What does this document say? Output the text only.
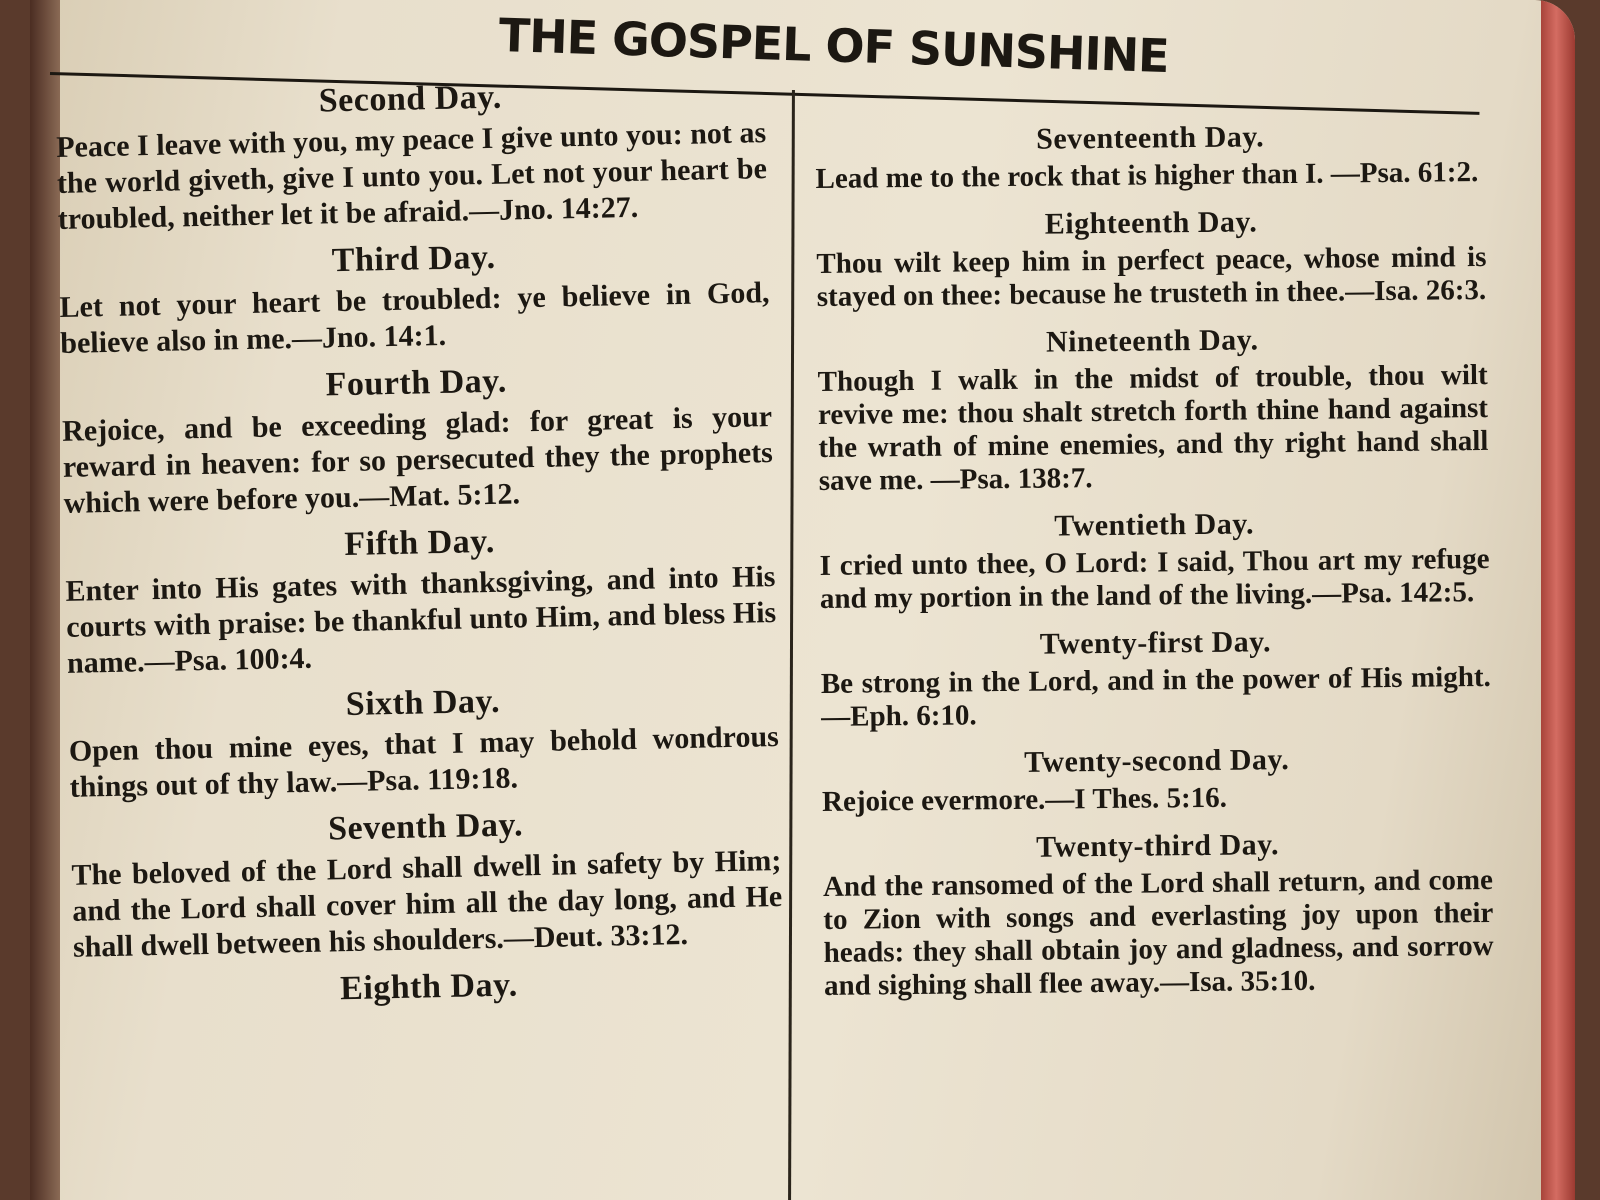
THE GOSPEL OF SUNSHINE
Second Day.

Peace I leave with you, my peace I give unto you: not as the world giveth, give I unto you. Let not your heart be troubled, neither let it be afraid.—Jno. 14:27.

Third Day.

Let not your heart be troubled: ye believe in God, believe also in me.—Jno. 14:1.

Fourth Day.

Rejoice, and be exceeding glad: for great is your reward in heaven: for so persecuted they the prophets which were before you.—Mat. 5:12.

Fifth Day.

Enter into His gates with thanksgiving, and into His courts with praise: be thankful unto Him, and bless His name.—Psa. 100:4.

Sixth Day.

Open thou mine eyes, that I may behold wondrous things out of thy law.—Psa. 119:18.

Seventh Day.

The beloved of the Lord shall dwell in safety by Him; and the Lord shall cover him all the day long, and He shall dwell between his shoulders.—Deut. 33:12.

Eighth Day.

Seventeenth Day.

Lead me to the rock that is higher than I. —Psa. 61:2.

Eighteenth Day.

Thou wilt keep him in perfect peace, whose mind is stayed on thee: because he trusteth in thee.—Isa. 26:3.

Nineteenth Day.

Though I walk in the midst of trouble, thou wilt revive me: thou shalt stretch forth thine hand against the wrath of mine enemies, and thy right hand shall save me. —Psa. 138:7.

Twentieth Day.

I cried unto thee, O Lord: I said, Thou art my refuge and my portion in the land of the living.—Psa. 142:5.

Twenty-first Day.

Be strong in the Lord, and in the power of His might.—Eph. 6:10.

Twenty-second Day.

Rejoice evermore.—I Thes. 5:16.

Twenty-third Day.

And the ransomed of the Lord shall return, and come to Zion with songs and everlasting joy upon their heads: they shall obtain joy and gladness, and sorrow and sighing shall flee away.—Isa. 35:10.
